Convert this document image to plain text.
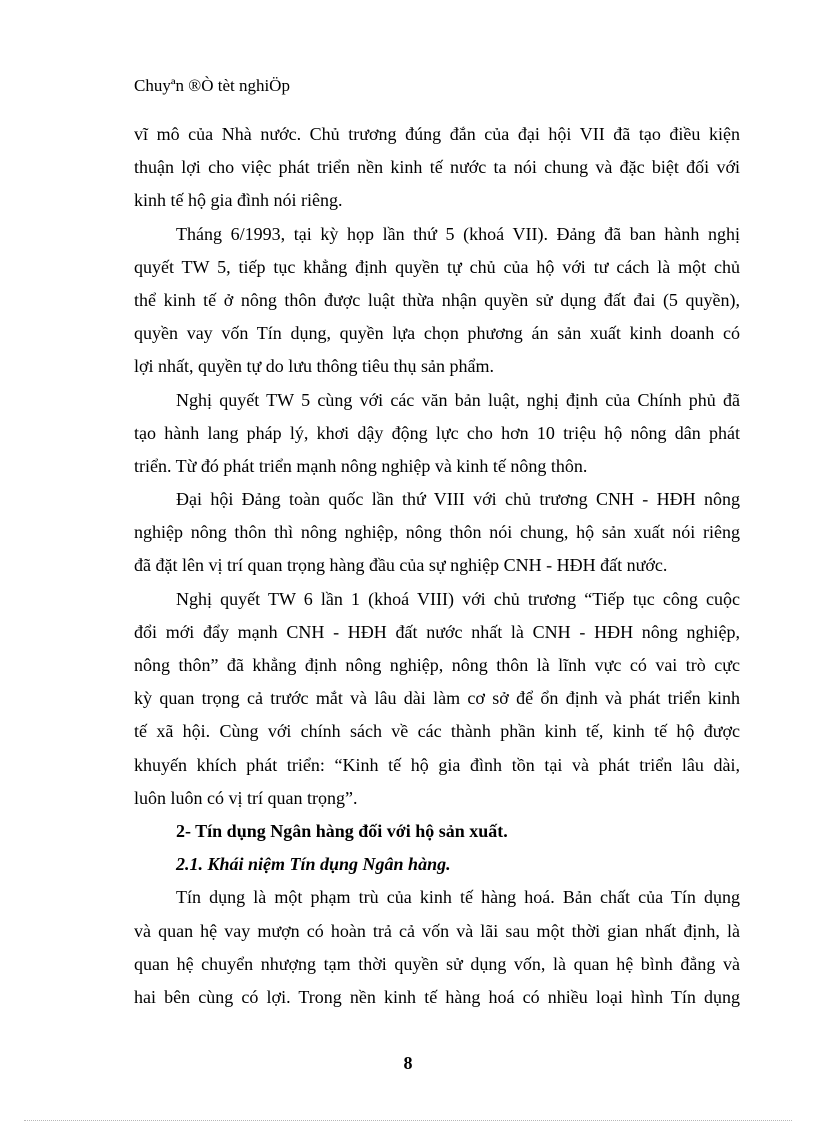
Chuyªn ®Ò tèt nghiÖp
vĩ mô của Nhà nước. Chủ trương đúng đắn của đại hội VII đã tạo điều kiện
thuận lợi cho việc phát triển nền kinh tế nước ta nói chung và đặc biệt đối với
kinh tế hộ gia đình nói riêng.
Tháng 6/1993, tại kỳ họp lần thứ 5 (khoá VII). Đảng đã ban hành nghị
quyết TW 5, tiếp tục khẳng định quyền tự chủ của hộ với tư cách là một chủ
thể kinh tế ở nông thôn được luật thừa nhận quyền sử dụng đất đai (5 quyền),
quyền vay vốn Tín dụng, quyền lựa chọn phương án sản xuất kinh doanh có
lợi nhất, quyền tự do lưu thông tiêu thụ sản phẩm.
Nghị quyết TW 5 cùng với các văn bản luật, nghị định của Chính phủ đã
tạo hành lang pháp lý, khơi dậy động lực cho hơn 10 triệu hộ nông dân phát
triển. Từ đó phát triển mạnh nông nghiệp và kinh tế nông thôn.
Đại hội Đảng toàn quốc lần thứ VIII với chủ trương CNH - HĐH nông
nghiệp nông thôn thì nông nghiệp, nông thôn nói chung, hộ sản xuất nói riêng
đã đặt lên vị trí quan trọng hàng đầu của sự nghiệp CNH - HĐH đất nước.
Nghị quyết TW 6 lần 1 (khoá VIII) với chủ trương “Tiếp tục công cuộc
đổi mới đẩy mạnh CNH - HĐH đất nước nhất là CNH - HĐH nông nghiệp,
nông thôn” đã khẳng định nông nghiệp, nông thôn là lĩnh vực có vai trò cực
kỳ quan trọng cả trước mắt và lâu dài làm cơ sở để ổn định và phát triển kinh
tế xã hội. Cùng với chính sách về các thành phần kinh tế, kinh tế hộ được
khuyến khích phát triển: “Kinh tế hộ gia đình tồn tại và phát triển lâu dài,
luôn luôn có vị trí quan trọng”.
2- Tín dụng Ngân hàng đối với hộ sản xuất.
2.1. Khái niệm Tín dụng Ngân hàng.
Tín dụng là một phạm trù của kinh tế hàng hoá. Bản chất của Tín dụng
và quan hệ vay mượn có hoàn trả cả vốn và lãi sau một thời gian nhất định, là
quan hệ chuyển nhượng tạm thời quyền sử dụng vốn, là quan hệ bình đẳng và
hai bên cùng có lợi. Trong nền kinh tế hàng hoá có nhiều loại hình Tín dụng
8
